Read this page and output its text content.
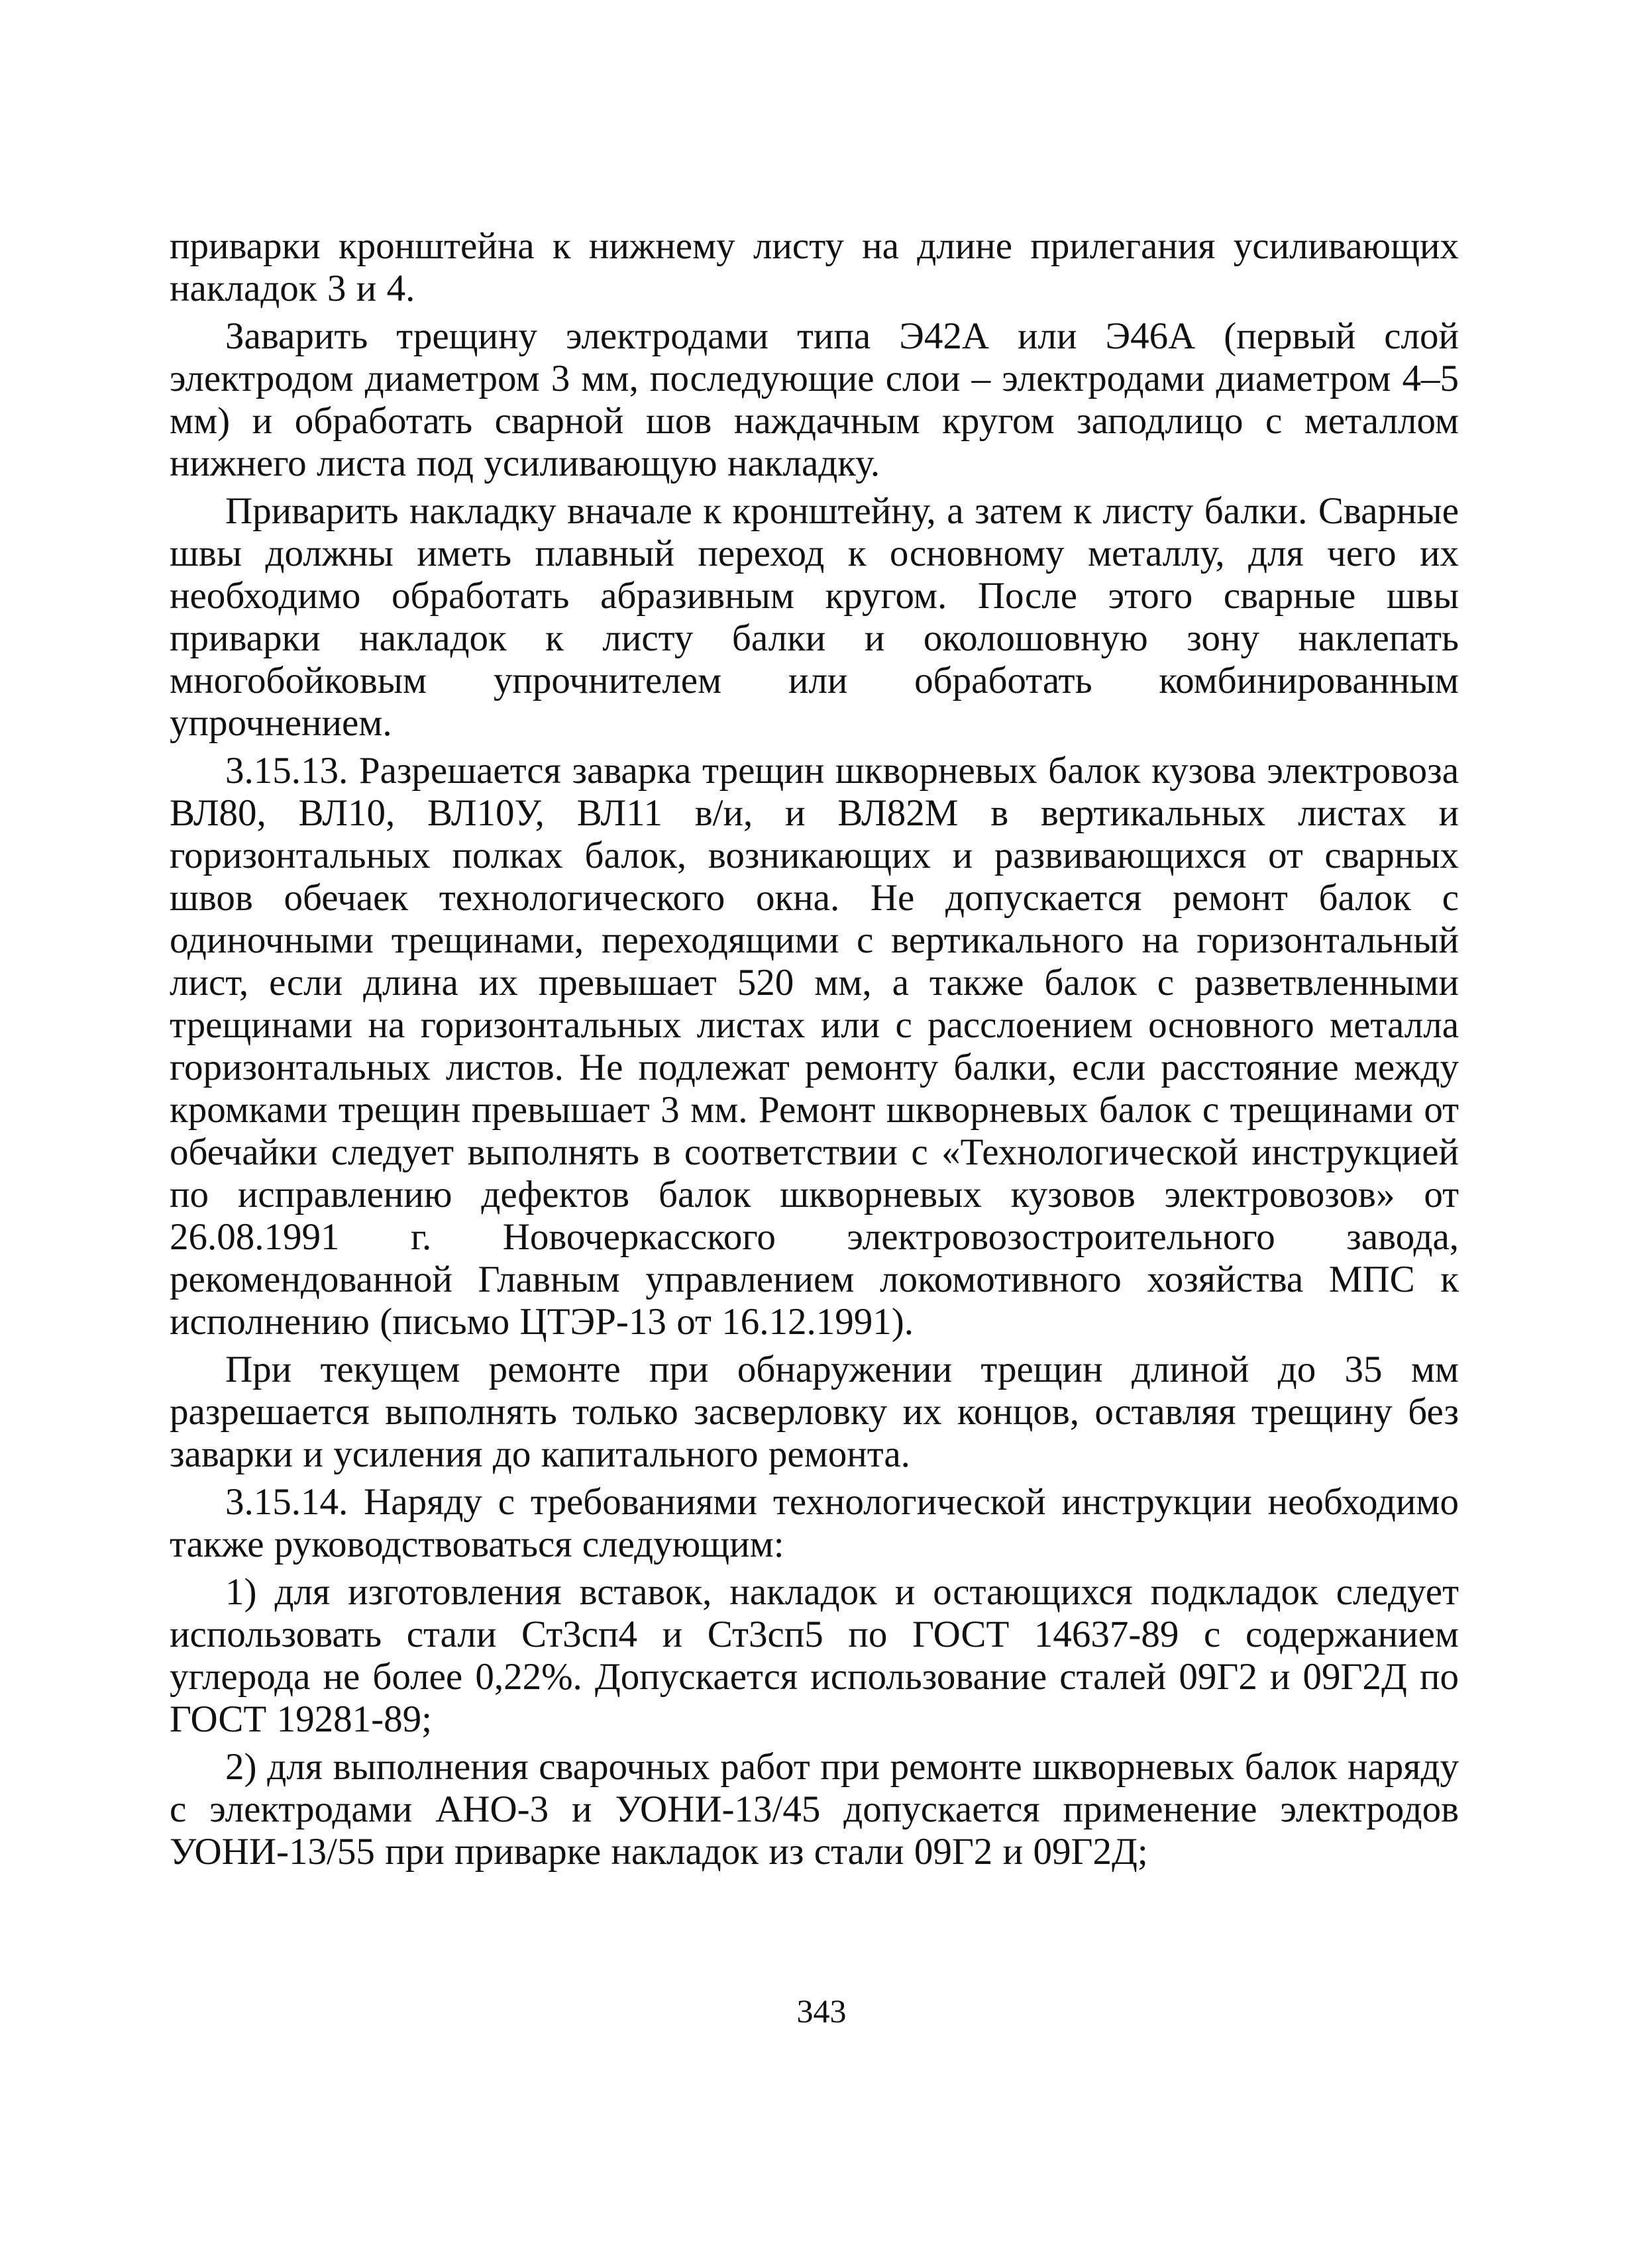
приварки кронштейна к нижнему листу на длине прилегания усиливающих накладок 3 и 4.

Заварить трещину электродами типа Э42А или Э46А (первый слой электродом диаметром 3 мм, последующие слои – электродами диаметром 4–5 мм) и обработать сварной шов наждачным кругом заподлицо с металлом нижнего листа под усиливающую накладку.

Приварить накладку вначале к кронштейну, а затем к листу балки. Сварные швы должны иметь плавный переход к основному металлу, для чего их необходимо обработать абразивным кругом. После этого сварные швы приварки накладок к листу балки и околошовную зону наклепать многобойковым упрочнителем или обработать комбинированным упрочнением.

3.15.13. Разрешается заварка трещин шкворневых балок кузова электровоза ВЛ80, ВЛ10, ВЛ10У, ВЛ11 в/и, и ВЛ82М в вертикальных листах и горизонтальных полках балок, возникающих и развивающихся от сварных швов обечаек технологического окна. Не допускается ремонт балок с одиночными трещинами, переходящими с вертикального на горизонтальный лист, если длина их превышает 520 мм, а также балок с разветвленными трещинами на горизонтальных листах или с расслоением основного металла горизонтальных листов. Не подлежат ремонту балки, если расстояние между кромками трещин превышает 3 мм. Ремонт шкворневых балок с трещинами от обечайки следует выполнять в соответствии с «Технологической инструкцией по исправлению дефектов балок шкворневых кузовов электровозов» от 26.08.1991 г. Новочеркасского электровозостроительного завода, рекомендованной Главным управлением локомотивного хозяйства МПС к исполнению (письмо ЦТЭР-13 от 16.12.1991).

При текущем ремонте при обнаружении трещин длиной до 35 мм разрешается выполнять только засверловку их концов, оставляя трещину без заварки и усиления до капитального ремонта.

3.15.14. Наряду с требованиями технологической инструкции необходимо также руководствоваться следующим:

1) для изготовления вставок, накладок и остающихся подкладок следует использовать стали Ст3сп4 и Ст3сп5 по ГОСТ 14637-89 с содержанием углерода не более 0,22%. Допускается использование сталей 09Г2 и 09Г2Д по ГОСТ 19281-89;

2) для выполнения сварочных работ при ремонте шкворневых балок наряду с электродами АНО-3 и УОНИ-13/45 допускается применение электродов УОНИ-13/55 при приварке накладок из стали 09Г2 и 09Г2Д;

343
